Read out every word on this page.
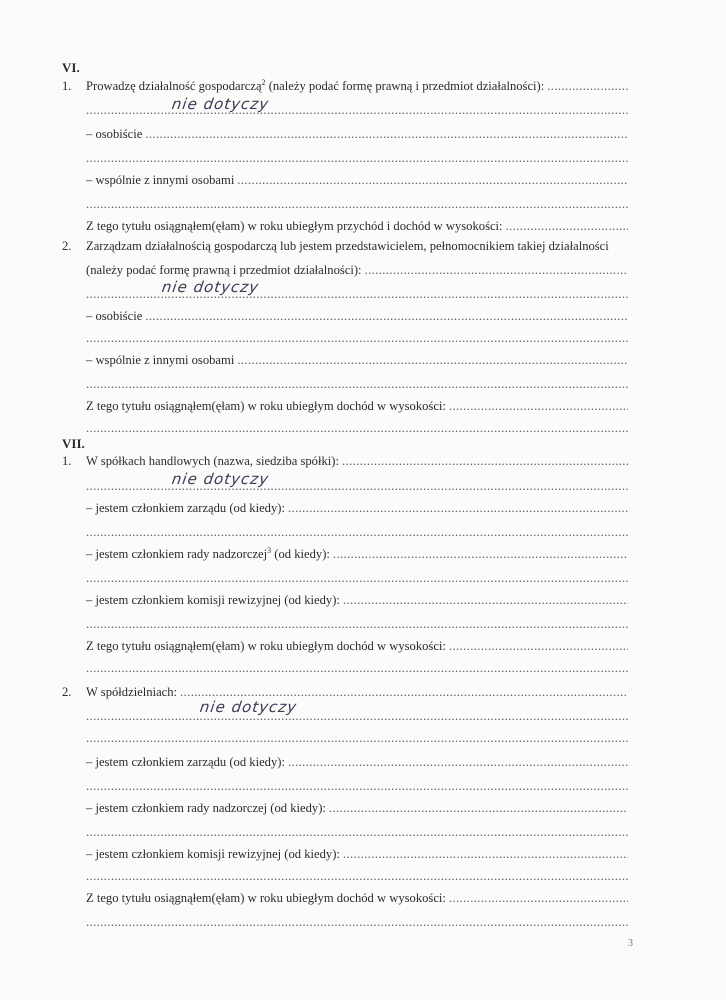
VI.
1.	Prowadzę działalność gospodarczą$^2$ (należy podać formę prawną i przedmiot działalności):
.....
.....
nie dotyczy
– osobiście
.....
.....
– wspólnie z innymi osobami
.....
.....
Z tego tytułu osiągnąłem(ęłam) w roku ubiegłym przychód i dochód w wysokości:
.....
2.	Zarządzam działalnością gospodarczą lub jestem przedstawicielem, pełnomocnikiem takiej działalności
(należy podać formę prawną i przedmiot działalności):
.....
.....
nie dotyczy
– osobiście
.....
.....
– wspólnie z innymi osobami
.....
.....
Z tego tytułu osiągnąłem(ęłam) w roku ubiegłym dochód w wysokości:
.....
.....
VII.
1.	W spółkach handlowych (nazwa, siedziba spółki):
.....
.....
nie dotyczy
– jestem członkiem zarządu (od kiedy):
.....
.....
– jestem członkiem rady nadzorczej$^3$ (od kiedy):
.....
.....
– jestem członkiem komisji rewizyjnej (od kiedy):
.....
.....
Z tego tytułu osiągnąłem(ęłam) w roku ubiegłym dochód w wysokości:
.....
.....
2.	W spółdzielniach:
.....
.....
nie dotyczy
.....
– jestem członkiem zarządu (od kiedy):
.....
.....
– jestem członkiem rady nadzorczej (od kiedy):
.....
.....
– jestem członkiem komisji rewizyjnej (od kiedy):
.....
.....
Z tego tytułu osiągnąłem(ęłam) w roku ubiegłym dochód w wysokości:
.....
.....
3
